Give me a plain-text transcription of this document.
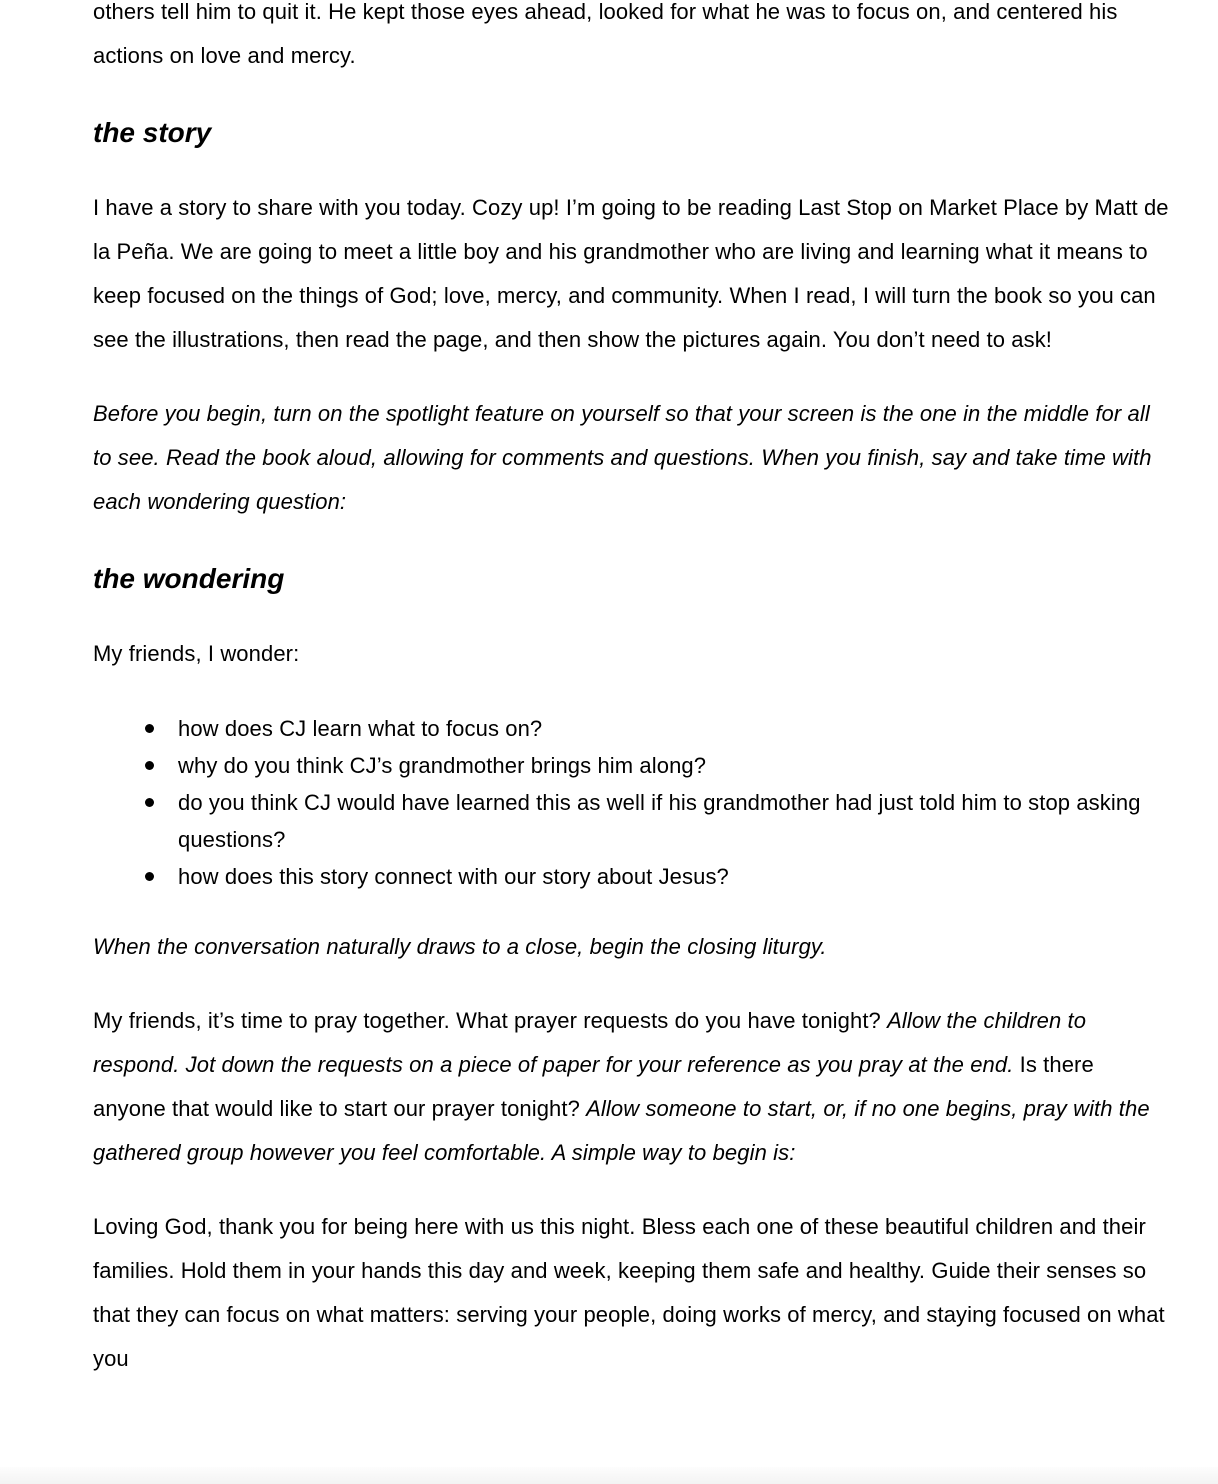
others tell him to quit it. He kept those eyes ahead, looked for what he was to focus on, and centered his actions on love and mercy.

the story

I have a story to share with you today. Cozy up! I’m going to be reading Last Stop on Market Place by Matt de la Peña. We are going to meet a little boy and his grandmother who are living and learning what it means to keep focused on the things of God; love, mercy, and community. When I read, I will turn the book so you can see the illustrations, then read the page, and then show the pictures again. You don’t need to ask!

Before you begin, turn on the spotlight feature on yourself so that your screen is the one in the middle for all to see. Read the book aloud, allowing for comments and questions. When you finish, say and take time with each wondering question:

the wondering

My friends, I wonder:

how does CJ learn what to focus on?
why do you think CJ’s grandmother brings him along?
do you think CJ would have learned this as well if his grandmother had just told him to stop asking questions?
how does this story connect with our story about Jesus?

When the conversation naturally draws to a close, begin the closing liturgy.

My friends, it’s time to pray together. What prayer requests do you have tonight? Allow the children to respond. Jot down the requests on a piece of paper for your reference as you pray at the end. Is there anyone that would like to start our prayer tonight? Allow someone to start, or, if no one begins, pray with the gathered group however you feel comfortable. A simple way to begin is:

Loving God, thank you for being here with us this night. Bless each one of these beautiful children and their families. Hold them in your hands this day and week, keeping them safe and healthy. Guide their senses so that they can focus on what matters: serving your people, doing works of mercy, and staying focused on what you
